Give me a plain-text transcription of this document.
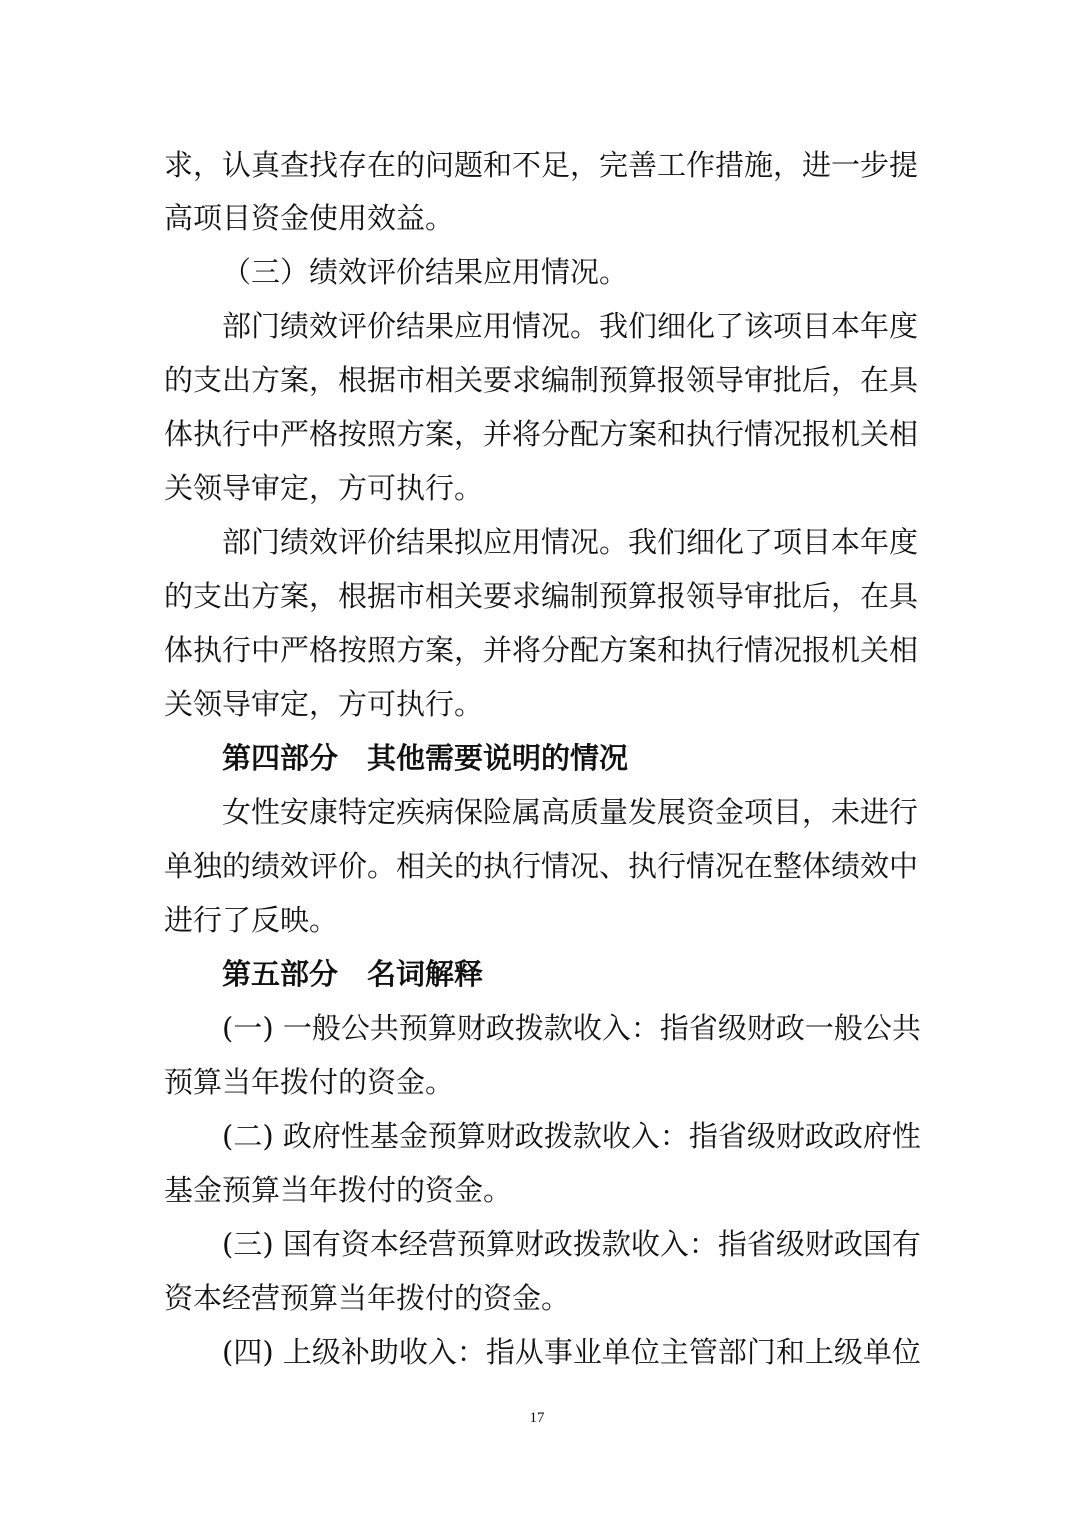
求，认真查找存在的问题和不足，完善工作措施，进一步提
高项目资金使用效益。
（三）绩效评价结果应用情况。
部门绩效评价结果应用情况。我们细化了该项目本年度
的支出方案，根据市相关要求编制预算报领导审批后，在具
体执行中严格按照方案，并将分配方案和执行情况报机关相
关领导审定，方可执行。
部门绩效评价结果拟应用情况。我们细化了项目本年度
的支出方案，根据市相关要求编制预算报领导审批后，在具
体执行中严格按照方案，并将分配方案和执行情况报机关相
关领导审定，方可执行。
第四部分　其他需要说明的情况
女性安康特定疾病保险属高质量发展资金项目，未进行
单独的绩效评价。相关的执行情况、执行情况在整体绩效中
进行了反映。
第五部分　名词解释
(一) 一般公共预算财政拨款收入：指省级财政一般公共
预算当年拨付的资金。
(二) 政府性基金预算财政拨款收入：指省级财政政府性
基金预算当年拨付的资金。
(三) 国有资本经营预算财政拨款收入：指省级财政国有
资本经营预算当年拨付的资金。
(四) 上级补助收入：指从事业单位主管部门和上级单位
17
